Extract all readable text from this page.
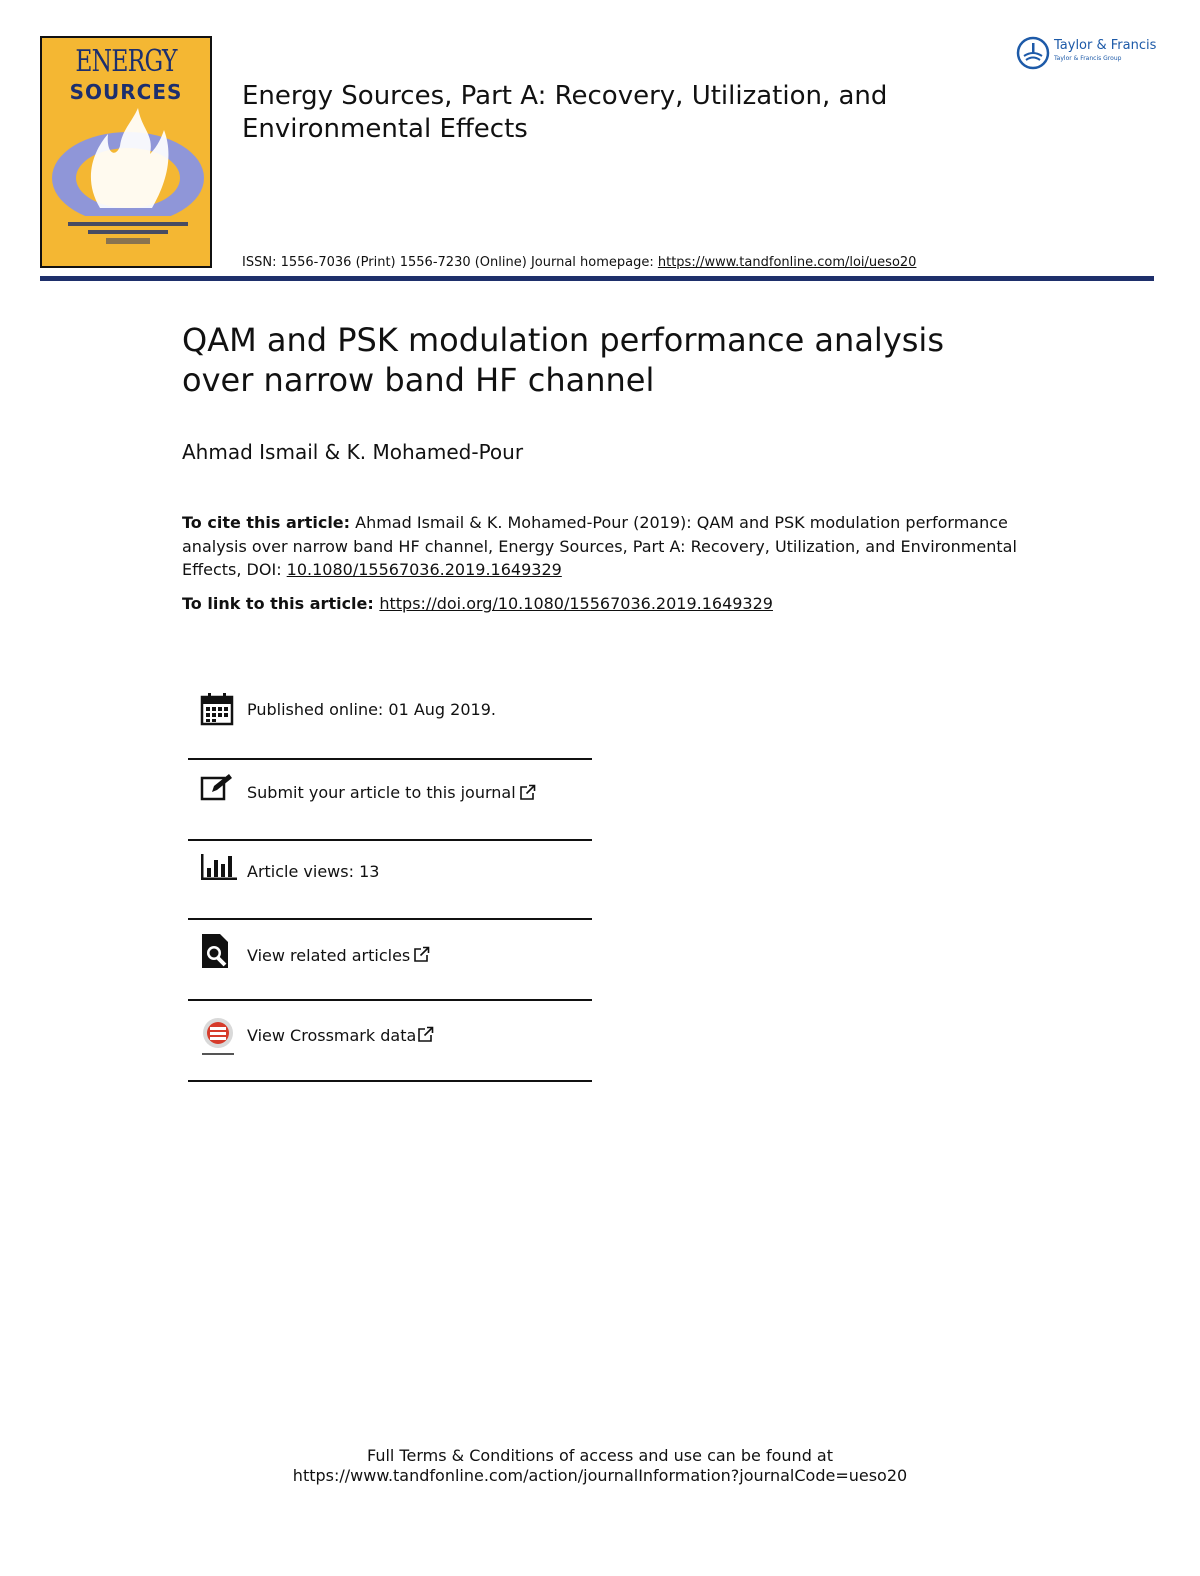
ENERGY
SOURCES	Energy Sources, Part A: Recovery, Utilization, and Environmental Effects
ISSN: 1556-7036 (Print) 1556-7230 (Online) Journal homepage: https://www.tandfonline.com/loi/ueso20
Taylor & Francis
Taylor & Francis Group
QAM and PSK modulation performance analysis over narrow band HF channel
Ahmad Ismail & K. Mohamed-Pour
To cite this article: Ahmad Ismail & K. Mohamed-Pour (2019): QAM and PSK modulation performance analysis over narrow band HF channel, Energy Sources, Part A: Recovery, Utilization, and Environmental Effects, DOI: 10.1080/15567036.2019.1649329
To link to this article: https://doi.org/10.1080/15567036.2019.1649329
Published online: 01 Aug 2019.
Submit your article to this journal
Article views: 13
View related articles
View Crossmark data
Full Terms & Conditions of access and use can be found at
https://www.tandfonline.com/action/journalInformation?journalCode=ueso20
